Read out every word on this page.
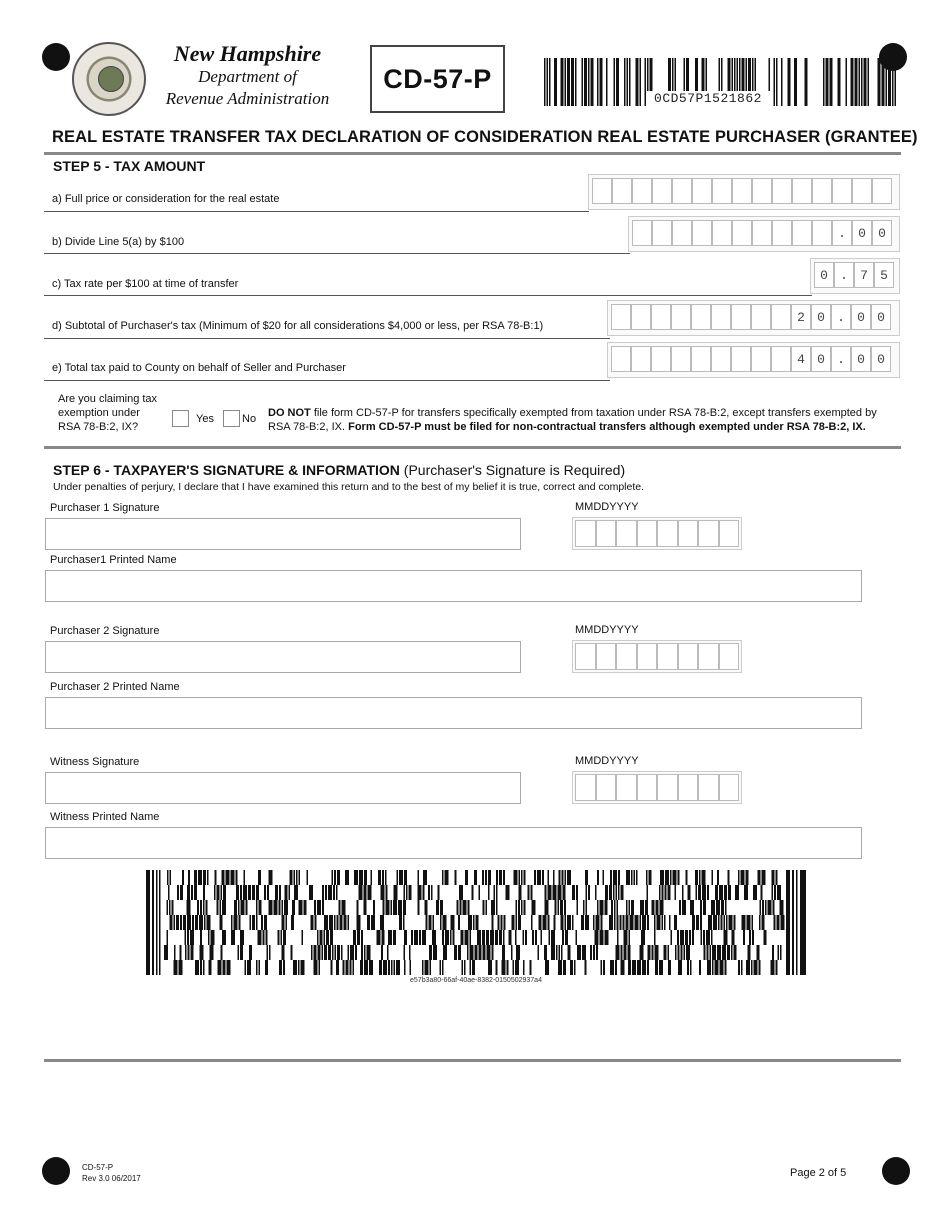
New Hampshire
Department of
Revenue Administration
CD-57-P
0CD57P1521862
REAL ESTATE TRANSFER TAX DECLARATION OF CONSIDERATION REAL ESTATE PURCHASER (GRANTEE)
STEP 5 - TAX AMOUNT
a) Full price or consideration for the real estate
b) Divide Line 5(a) by $100
. 0 0
c) Tax rate per $100 at time of transfer
0 . 7 5
d) Subtotal of Purchaser's tax (Minimum of $20 for all considerations $4,000 or less, per RSA 78-B:1)
2 0 . 0 0
e) Total tax paid to County on behalf of Seller and Purchaser
4 0 . 0 0
Are you claiming tax
exemption under
RSA 78-B:2, IX?
Yes	No DO NOT file form CD-57-P for transfers specifically exempted from taxation under RSA 78-B:2, except transfers exempted by
RSA 78-B:2, IX. Form CD-57-P must be filed for non-contractual transfers although exempted under RSA 78-B:2, IX.
STEP 6 - TAXPAYER'S SIGNATURE & INFORMATION (Purchaser's Signature is Required)
Under penalties of perjury, I declare that I have examined this return and to the best of my belief it is true, correct and complete.
Purchaser 1 Signature	MMDDYYYY
Purchaser1 Printed Name
Purchaser 2 Signature	MMDDYYYY
Purchaser 2 Printed Name
Witness Signature	MMDDYYYY
Witness Printed Name
e57b3a80-66af-40ae-8382-0150502937a4
CD-57-P
Rev 3.0 06/2017	Page 2 of 5
